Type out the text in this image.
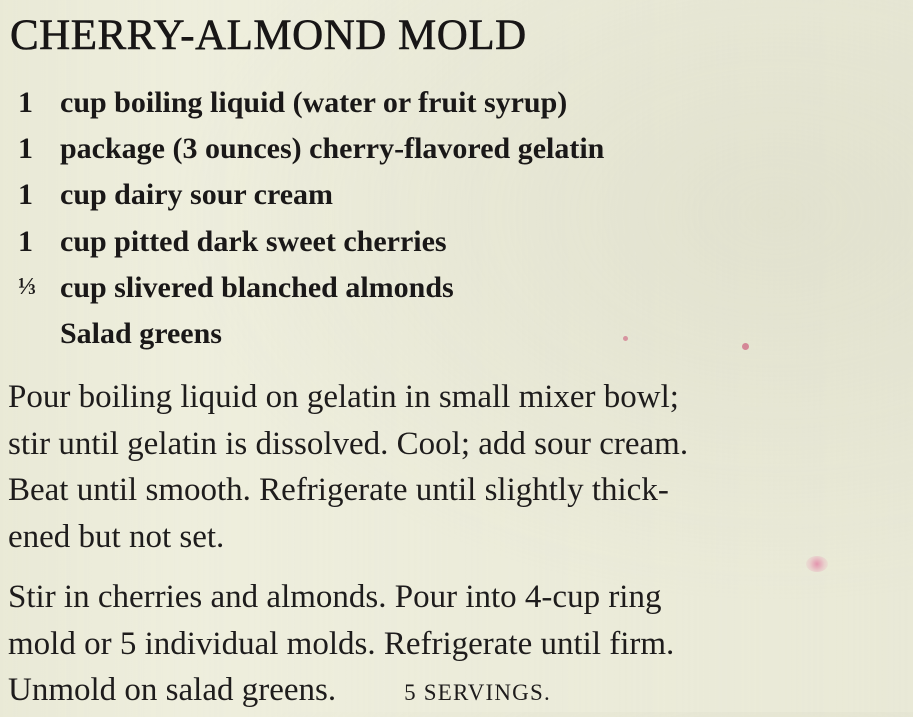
CHERRY-ALMOND MOLD
1 cup boiling liquid (water or fruit syrup)
1 package (3 ounces) cherry-flavored gelatin
1 cup dairy sour cream
1 cup pitted dark sweet cherries
⅓ cup slivered blanched almonds
Salad greens

Pour boiling liquid on gelatin in small mixer bowl;
stir until gelatin is dissolved. Cool; add sour cream.
Beat until smooth. Refrigerate until slightly thick-
ened but not set.

Stir in cherries and almonds. Pour into 4-cup ring
mold or 5 individual molds. Refrigerate until firm.
Unmold on salad greens.	5 SERVINGS.
